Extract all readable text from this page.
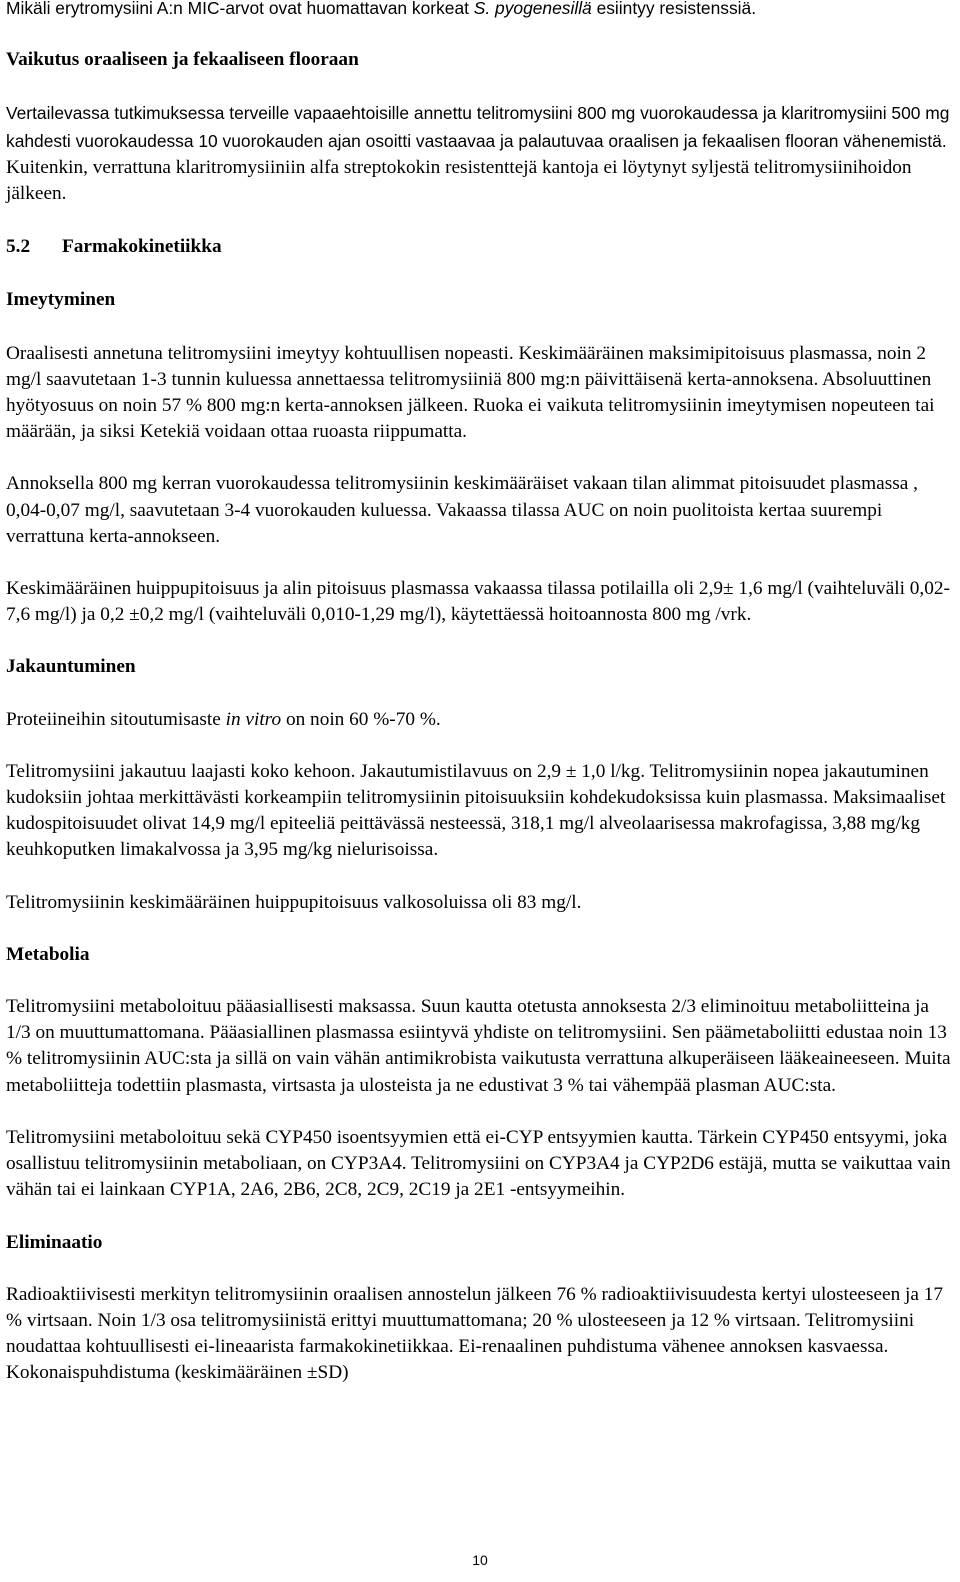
Mikäli erytromysiini A:n MIC-arvot ovat huomattavan korkeat S. pyogenesillä esiintyy resistenssiä.

Vaikutus oraaliseen ja fekaaliseen flooraan

Vertailevassa tutkimuksessa terveille vapaaehtoisille annettu telitromysiini 800 mg vuorokaudessa ja klaritromysiini 500 mg kahdesti vuorokaudessa 10 vuorokauden ajan osoitti vastaavaa ja palautuvaa oraalisen ja fekaalisen flooran vähenemistä. Kuitenkin, verrattuna klaritromysiiniin alfa streptokokin resistenttejä kantoja ei löytynyt syljestä telitromysiinihoidon jälkeen.

5.2 Farmakokinetiikka

Imeytyminen

Oraalisesti annetuna telitromysiini imeytyy kohtuullisen nopeasti. Keskimääräinen maksimipitoisuus plasmassa, noin 2 mg/l saavutetaan 1-3 tunnin kuluessa annettaessa telitromysiiniä 800 mg:n päivittäisenä kerta-annoksena. Absoluuttinen hyötyosuus on noin 57 % 800 mg:n kerta-annoksen jälkeen. Ruoka ei vaikuta telitromysiinin imeytymisen nopeuteen tai määrään, ja siksi Ketekiä voidaan ottaa ruoasta riippumatta.

Annoksella 800 mg kerran vuorokaudessa telitromysiinin keskimääräiset vakaan tilan alimmat pitoisuudet plasmassa , 0,04-0,07 mg/l, saavutetaan 3-4 vuorokauden kuluessa. Vakaassa tilassa AUC on noin puolitoista kertaa suurempi verrattuna kerta-annokseen.

Keskimääräinen huippupitoisuus ja alin pitoisuus plasmassa vakaassa tilassa potilailla oli 2,9± 1,6 mg/l (vaihteluväli 0,02-7,6 mg/l) ja 0,2 ±0,2 mg/l (vaihteluväli 0,010-1,29 mg/l), käytettäessä hoitoannosta 800 mg /vrk.

Jakauntuminen

Proteiineihin sitoutumisaste in vitro on noin 60 %-70 %.

Telitromysiini jakautuu laajasti koko kehoon. Jakautumistilavuus on 2,9 ± 1,0 l/kg. Telitromysiinin nopea jakautuminen kudoksiin johtaa merkittävästi korkeampiin telitromysiinin pitoisuuksiin kohdekudoksissa kuin plasmassa. Maksimaaliset kudospitoisuudet olivat 14,9 mg/l epiteeliä peittävässä nesteessä, 318,1 mg/l alveolaarisessa makrofagissa, 3,88 mg/kg keuhkoputken limakalvossa ja 3,95 mg/kg nielurisoissa.

Telitromysiinin keskimääräinen huippupitoisuus valkosoluissa oli 83 mg/l.

Metabolia

Telitromysiini metaboloituu pääasiallisesti maksassa. Suun kautta otetusta annoksesta 2/3 eliminoituu metaboliitteina ja 1/3 on muuttumattomana. Pääasiallinen plasmassa esiintyvä yhdiste on telitromysiini. Sen päämetaboliitti edustaa noin 13 % telitromysiinin AUC:sta ja sillä on vain vähän antimikrobista vaikutusta verrattuna alkuperäiseen lääkeaineeseen. Muita metaboliitteja todettiin plasmasta, virtsasta ja ulosteista ja ne edustivat 3 % tai vähempää plasman AUC:sta.

Telitromysiini metaboloituu sekä CYP450 isoentsyymien että ei-CYP entsyymien kautta. Tärkein CYP450 entsyymi, joka osallistuu telitromysiinin metaboliaan, on CYP3A4. Telitromysiini on CYP3A4 ja CYP2D6 estäjä, mutta se vaikuttaa vain vähän tai ei lainkaan CYP1A, 2A6, 2B6, 2C8, 2C9, 2C19 ja 2E1 -entsyymeihin.

Eliminaatio

Radioaktiivisesti merkityn telitromysiinin oraalisen annostelun jälkeen 76 % radioaktiivisuudesta kertyi ulosteeseen ja 17 % virtsaan. Noin 1/3 osa telitromysiinistä erittyi muuttumattomana; 20 % ulosteeseen ja 12 % virtsaan. Telitromysiini noudattaa kohtuullisesti ei-lineaarista farmakokinetiikkaa. Ei-renaalinen puhdistuma vähenee annoksen kasvaessa. Kokonaispuhdistuma (keskimääräinen ±SD)

10
